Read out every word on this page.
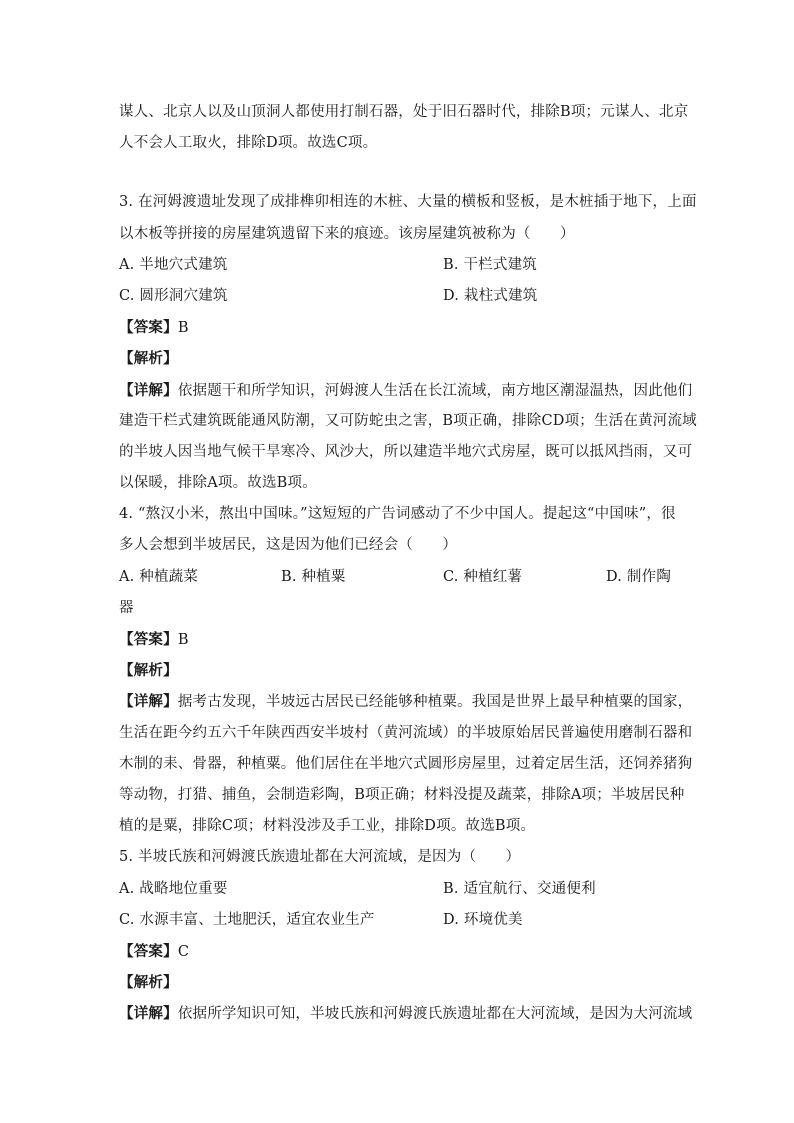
谋人、北京人以及山顶洞人都使用打制石器，处于旧石器时代，排除B项；元谋人、北京
人不会人工取火，排除D项。故选C项。
3. 在河姆渡遗址发现了成排榫卯相连的木桩、大量的横板和竖板，是木桩插于地下，上面
以木板等拼接的房屋建筑遗留下来的痕迹。该房屋建筑被称为（　　）
A. 半地穴式建筑	B. 干栏式建筑
C. 圆形洞穴建筑	D. 栽柱式建筑
【答案】B
【解析】
【详解】依据题干和所学知识，河姆渡人生活在长江流域，南方地区潮湿温热，因此他们
建造干栏式建筑既能通风防潮，又可防蛇虫之害，B项正确，排除CD项；生活在黄河流域
的半坡人因当地气候干旱寒冷、风沙大，所以建造半地穴式房屋，既可以抵风挡雨，又可
以保暖，排除A项。故选B项。
4. “熬汉小米，熬出中国味。”这短短的广告词感动了不少中国人。提起这“中国味”，很
多人会想到半坡居民，这是因为他们已经会（　　）
A. 种植蔬菜	B. 种植粟	C. 种植红薯	D. 制作陶
器
【答案】B
【解析】
【详解】据考古发现，半坡远古居民已经能够种植粟。我国是世界上最早种植粟的国家，
生活在距今约五六千年陕西西安半坡村（黄河流域）的半坡原始居民普遍使用磨制石器和
木制的耒、骨器，种植粟。他们居住在半地穴式圆形房屋里，过着定居生活，还饲养猪狗
等动物，打猎、捕鱼，会制造彩陶，B项正确；材料没提及蔬菜，排除A项；半坡居民种
植的是粟，排除C项；材料没涉及手工业，排除D项。故选B项。
5. 半坡氏族和河姆渡氏族遗址都在大河流域，是因为（　　）
A. 战略地位重要	B. 适宜航行、交通便利
C. 水源丰富、土地肥沃，适宜农业生产	D. 环境优美
【答案】C
【解析】
【详解】依据所学知识可知，半坡氏族和河姆渡氏族遗址都在大河流域，是因为大河流域
